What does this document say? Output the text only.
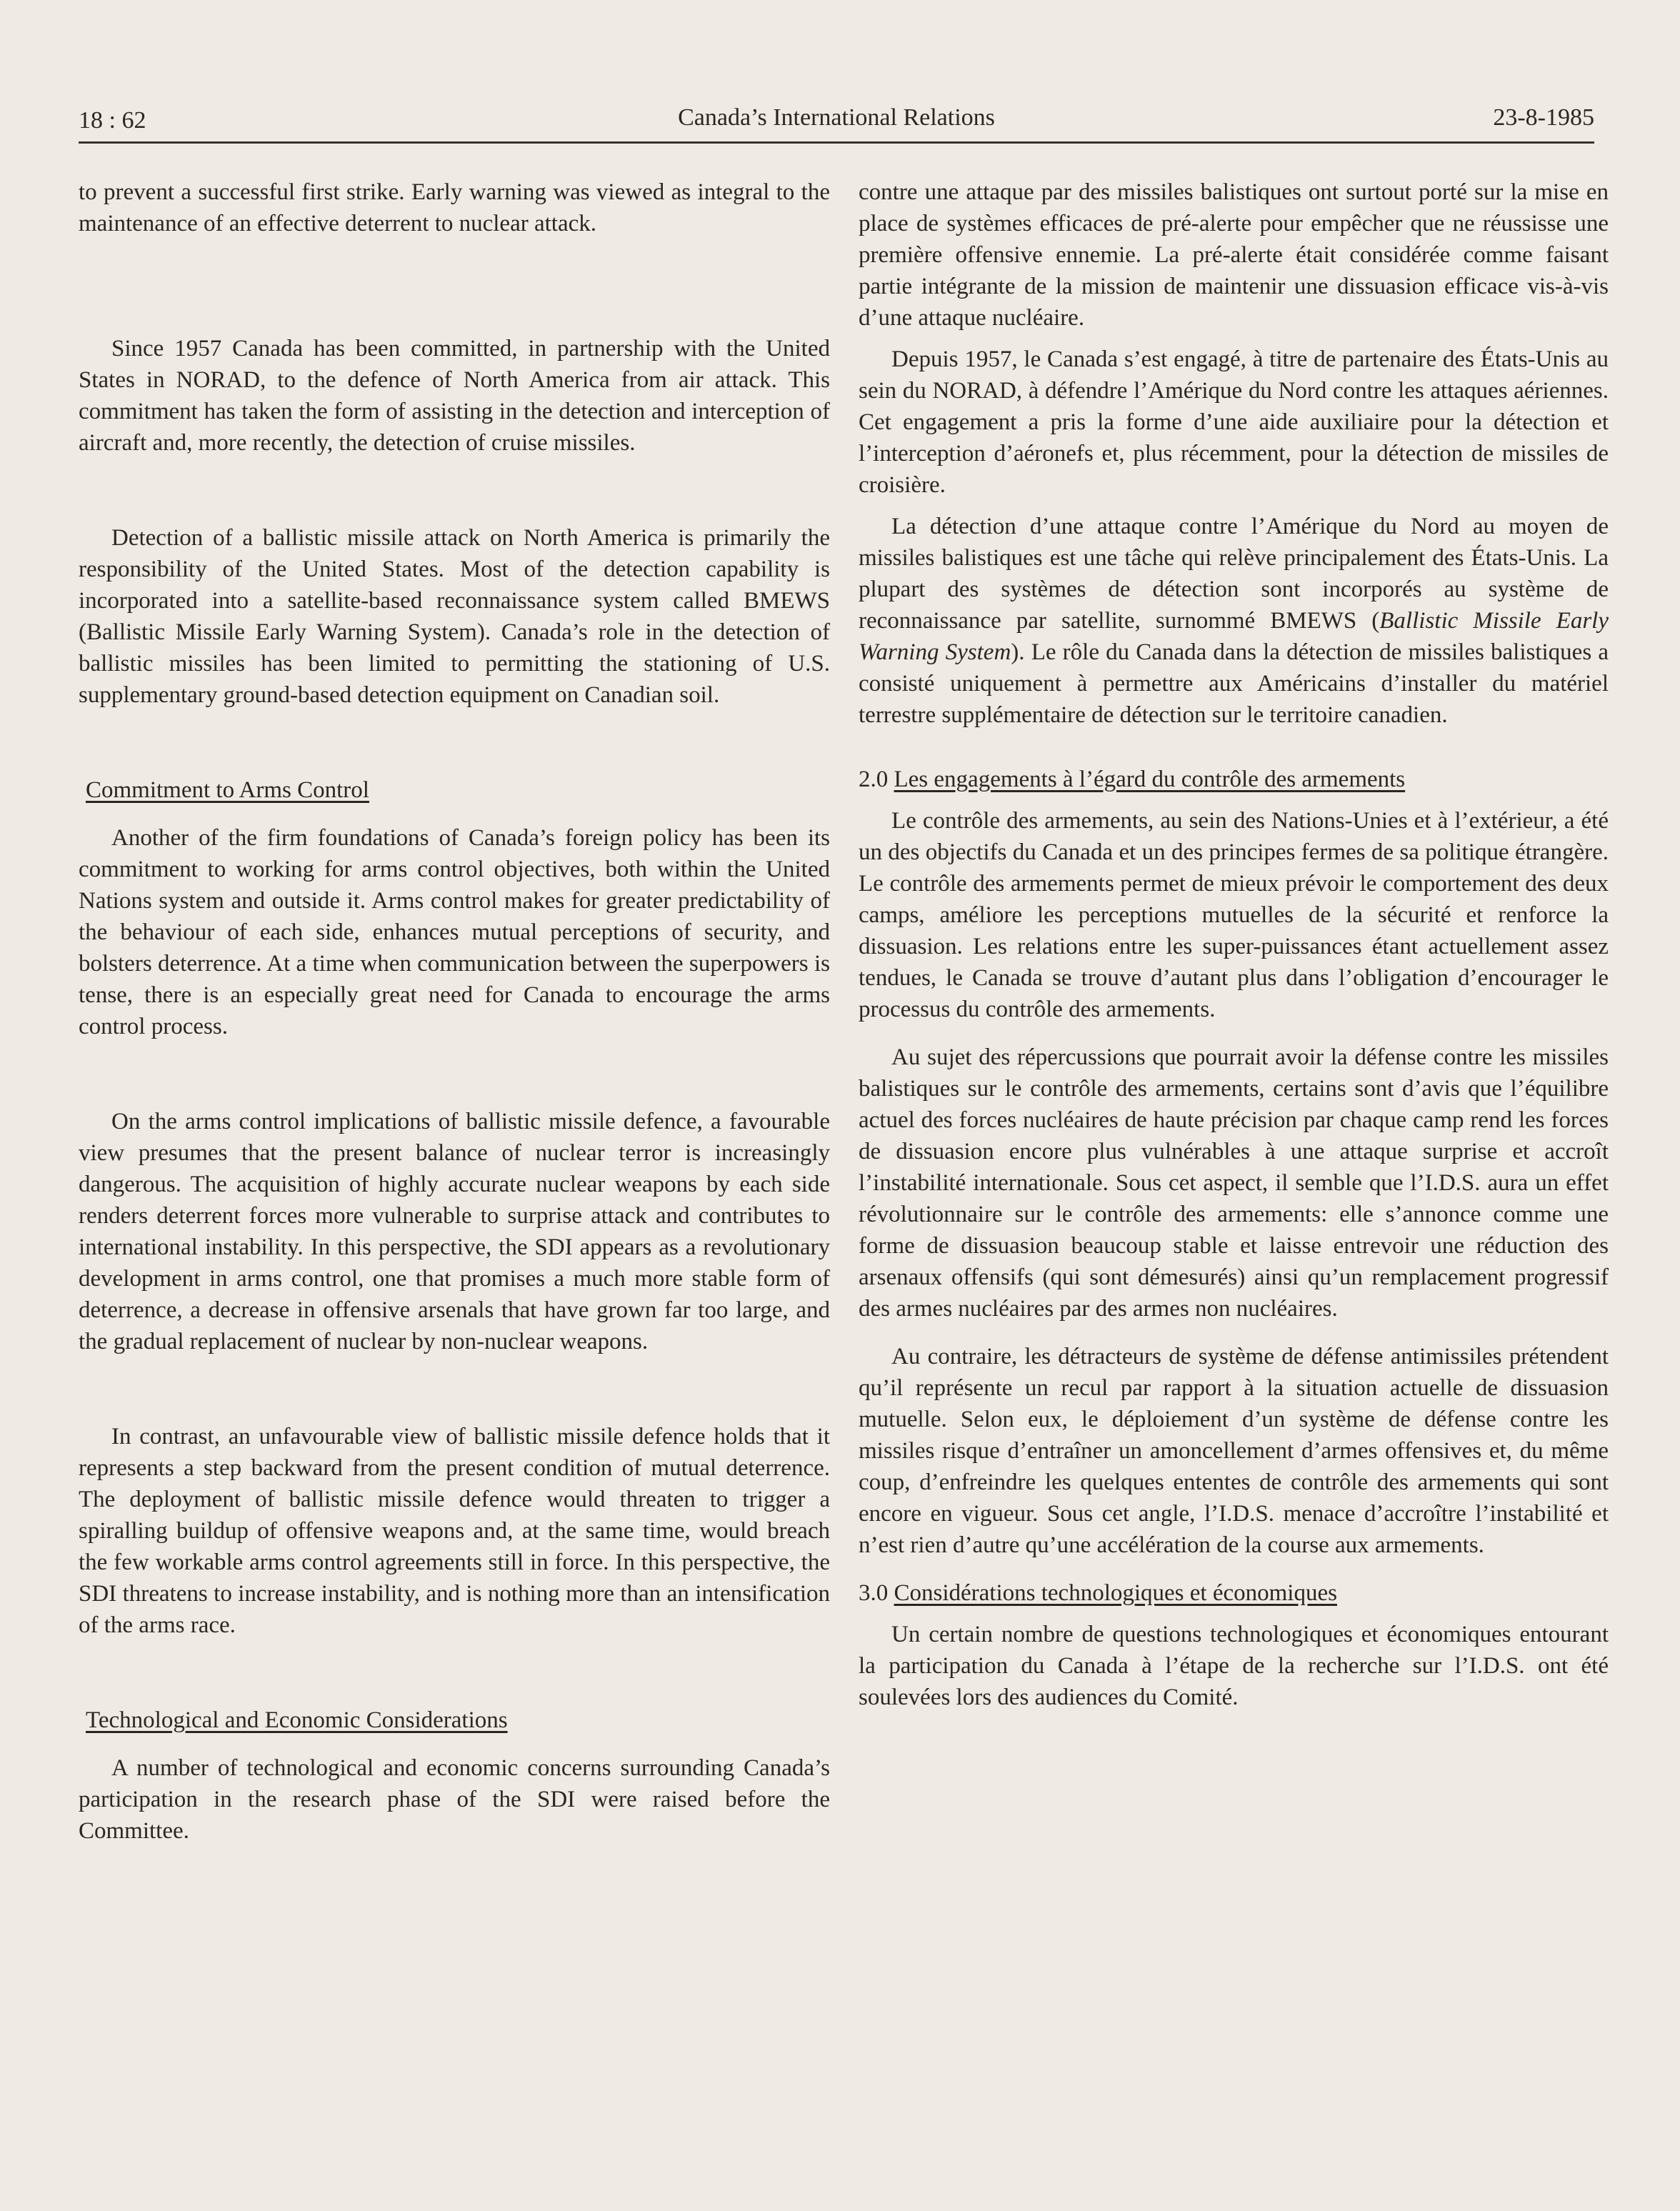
18 : 62	Canada’s International Relations	23-8-1985

to prevent a successful first strike. Early warning was viewed as integral to the maintenance of an effective deterrent to nuclear attack.

Since 1957 Canada has been committed, in partnership with the United States in NORAD, to the defence of North America from air attack. This commitment has taken the form of assisting in the detection and interception of aircraft and, more recently, the detection of cruise missiles.

Detection of a ballistic missile attack on North America is primarily the responsibility of the United States. Most of the detection capability is incorporated into a satellite-based reconnaissance system called BMEWS (Ballistic Missile Early Warning System). Canada’s role in the detection of ballistic missiles has been limited to permitting the stationing of U.S. supplementary ground-based detection equipment on Canadian soil.

Commitment to Arms Control

Another of the firm foundations of Canada’s foreign policy has been its commitment to working for arms control objectives, both within the United Nations system and outside it. Arms control makes for greater predictability of the behaviour of each side, enhances mutual perceptions of security, and bolsters deterrence. At a time when communication between the superpowers is tense, there is an especially great need for Canada to encourage the arms control process.

On the arms control implications of ballistic missile defence, a favourable view presumes that the present balance of nuclear terror is increasingly dangerous. The acquisition of highly accurate nuclear weapons by each side renders deterrent forces more vulnerable to surprise attack and contributes to international instability. In this perspective, the SDI appears as a revolutionary development in arms control, one that promises a much more stable form of deterrence, a decrease in offensive arsenals that have grown far too large, and the gradual replacement of nuclear by non-nuclear weapons.

In contrast, an unfavourable view of ballistic missile defence holds that it represents a step backward from the present condition of mutual deterrence. The deployment of ballistic missile defence would threaten to trigger a spiralling buildup of offensive weapons and, at the same time, would breach the few workable arms control agreements still in force. In this perspective, the SDI threatens to increase instability, and is nothing more than an intensification of the arms race.

Technological and Economic Considerations

A number of technological and economic concerns surrounding Canada’s participation in the research phase of the SDI were raised before the Committee.

contre une attaque par des missiles balistiques ont surtout porté sur la mise en place de systèmes efficaces de pré-alerte pour empêcher que ne réussisse une première offensive ennemie. La pré-alerte était considérée comme faisant partie intégrante de la mission de maintenir une dissuasion efficace vis-à-vis d’une attaque nucléaire.

Depuis 1957, le Canada s’est engagé, à titre de partenaire des États-Unis au sein du NORAD, à défendre l’Amérique du Nord contre les attaques aériennes. Cet engagement a pris la forme d’une aide auxiliaire pour la détection et l’interception d’aéronefs et, plus récemment, pour la détection de missiles de croisière.

La détection d’une attaque contre l’Amérique du Nord au moyen de missiles balistiques est une tâche qui relève principalement des États-Unis. La plupart des systèmes de détection sont incorporés au système de reconnaissance par satellite, surnommé BMEWS (Ballistic Missile Early Warning System). Le rôle du Canada dans la détection de missiles balistiques a consisté uniquement à permettre aux Américains d’installer du matériel terrestre supplémentaire de détection sur le territoire canadien.

2.0 Les engagements à l’égard du contrôle des armements

Le contrôle des armements, au sein des Nations-Unies et à l’extérieur, a été un des objectifs du Canada et un des principes fermes de sa politique étrangère. Le contrôle des armements permet de mieux prévoir le comportement des deux camps, améliore les perceptions mutuelles de la sécurité et renforce la dissuasion. Les relations entre les super-puissances étant actuellement assez tendues, le Canada se trouve d’autant plus dans l’obligation d’encourager le processus du contrôle des armements.

Au sujet des répercussions que pourrait avoir la défense contre les missiles balistiques sur le contrôle des armements, certains sont d’avis que l’équilibre actuel des forces nucléaires de haute précision par chaque camp rend les forces de dissuasion encore plus vulnérables à une attaque surprise et accroît l’instabilité internationale. Sous cet aspect, il semble que l’I.D.S. aura un effet révolutionnaire sur le contrôle des armements: elle s’annonce comme une forme de dissuasion beaucoup stable et laisse entrevoir une réduction des arsenaux offensifs (qui sont démesurés) ainsi qu’un remplacement progressif des armes nucléaires par des armes non nucléaires.

Au contraire, les détracteurs de système de défense antimissiles prétendent qu’il représente un recul par rapport à la situation actuelle de dissuasion mutuelle. Selon eux, le déploiement d’un système de défense contre les missiles risque d’entraîner un amoncellement d’armes offensives et, du même coup, d’enfreindre les quelques ententes de contrôle des armements qui sont encore en vigueur. Sous cet angle, l’I.D.S. menace d’accroître l’instabilité et n’est rien d’autre qu’une accélération de la course aux armements.

3.0 Considérations technologiques et économiques

Un certain nombre de questions technologiques et économiques entourant la participation du Canada à l’étape de la recherche sur l’I.D.S. ont été soulevées lors des audiences du Comité.
